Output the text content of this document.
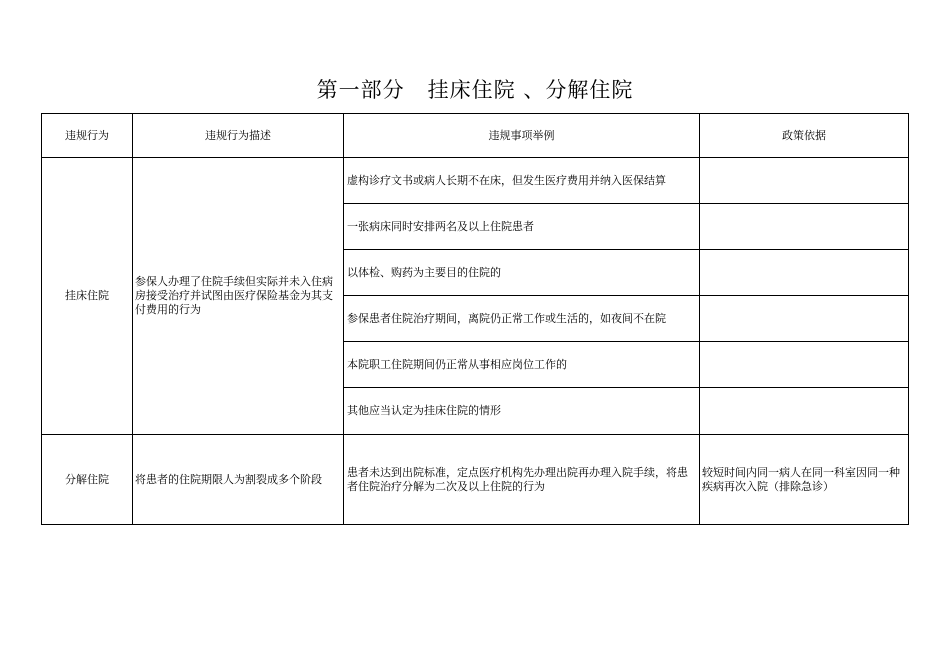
第一部分   挂床住院 、分解住院
违规行为	违规行为描述	违规事项举例	政策依据
挂床住院	参保人办理了住院手续但实际并未入住病房接受治疗并试图由医疗保险基金为其支付费用的行为	虚构诊疗文书或病人长期不在床，但发生医疗费用并纳入医保结算	
		一张病床同时安排两名及以上住院患者	
		以体检、购药为主要目的住院的	
		参保患者住院治疗期间，离院仍正常工作或生活的，如夜间不在院	
		本院职工住院期间仍正常从事相应岗位工作的	
		其他应当认定为挂床住院的情形	
分解住院	将患者的住院期限人为割裂成多个阶段	患者未达到出院标准，定点医疗机构先办理出院再办理入院手续，将患者住院治疗分解为二次及以上住院的行为	较短时间内同一病人在同一科室因同一种疾病再次入院（排除急诊）
